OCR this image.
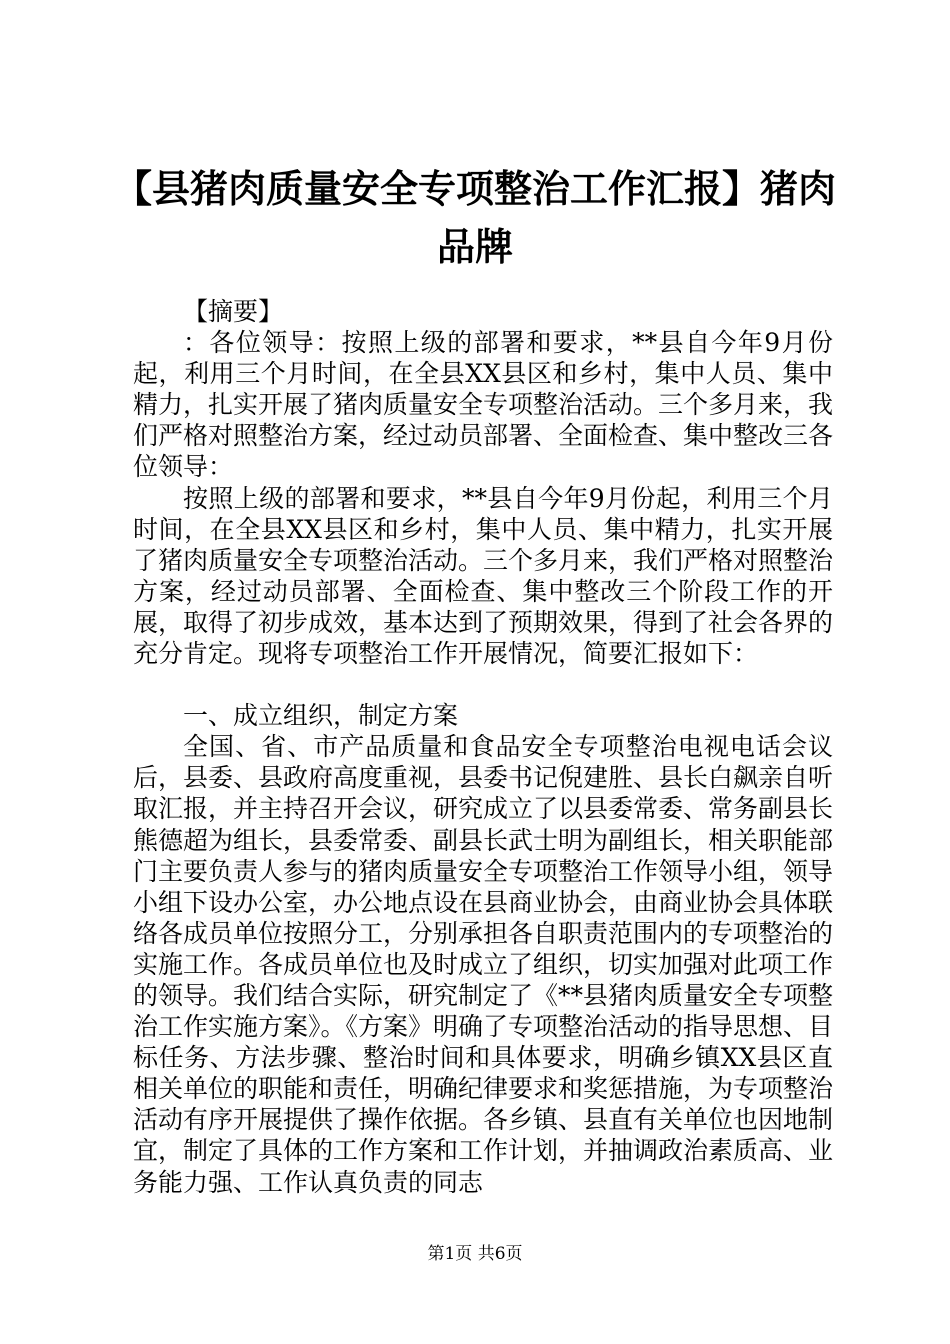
【县猪肉质量安全专项整治工作汇报】猪肉品牌

【摘要】

：各位领导：按照上级的部署和要求，**县自今年9月份起，利用三个月时间，在全县XX县区和乡村，集中人员、集中精力，扎实开展了猪肉质量安全专项整治活动。三个多月来，我们严格对照整治方案，经过动员部署、全面检查、集中整改三各位领导：

按照上级的部署和要求，**县自今年9月份起，利用三个月时间，在全县XX县区和乡村，集中人员、集中精力，扎实开展了猪肉质量安全专项整治活动。三个多月来，我们严格对照整治方案，经过动员部署、全面检查、集中整改三个阶段工作的开展，取得了初步成效，基本达到了预期效果，得到了社会各界的充分肯定。现将专项整治工作开展情况，简要汇报如下：

一、成立组织，制定方案

全国、省、市产品质量和食品安全专项整治电视电话会议后，县委、县政府高度重视，县委书记倪建胜、县长白飙亲自听取汇报，并主持召开会议，研究成立了以县委常委、常务副县长熊德超为组长，县委常委、副县长武士明为副组长，相关职能部门主要负责人参与的猪肉质量安全专项整治工作领导小组，领导小组下设办公室，办公地点设在县商业协会，由商业协会具体联络各成员单位按照分工，分别承担各自职责范围内的专项整治的实施工作。各成员单位也及时成立了组织，切实加强对此项工作的领导。我们结合实际，研究制定了《**县猪肉质量安全专项整治工作实施方案》。《方案》明确了专项整治活动的指导思想、目标任务、方法步骤、整治时间和具体要求，明确乡镇XX县区直相关单位的职能和责任，明确纪律要求和奖惩措施，为专项整治活动有序开展提供了操作依据。各乡镇、县直有关单位也因地制宜，制定了具体的工作方案和工作计划，并抽调政治素质高、业务能力强、工作认真负责的同志

第1页 共6页
